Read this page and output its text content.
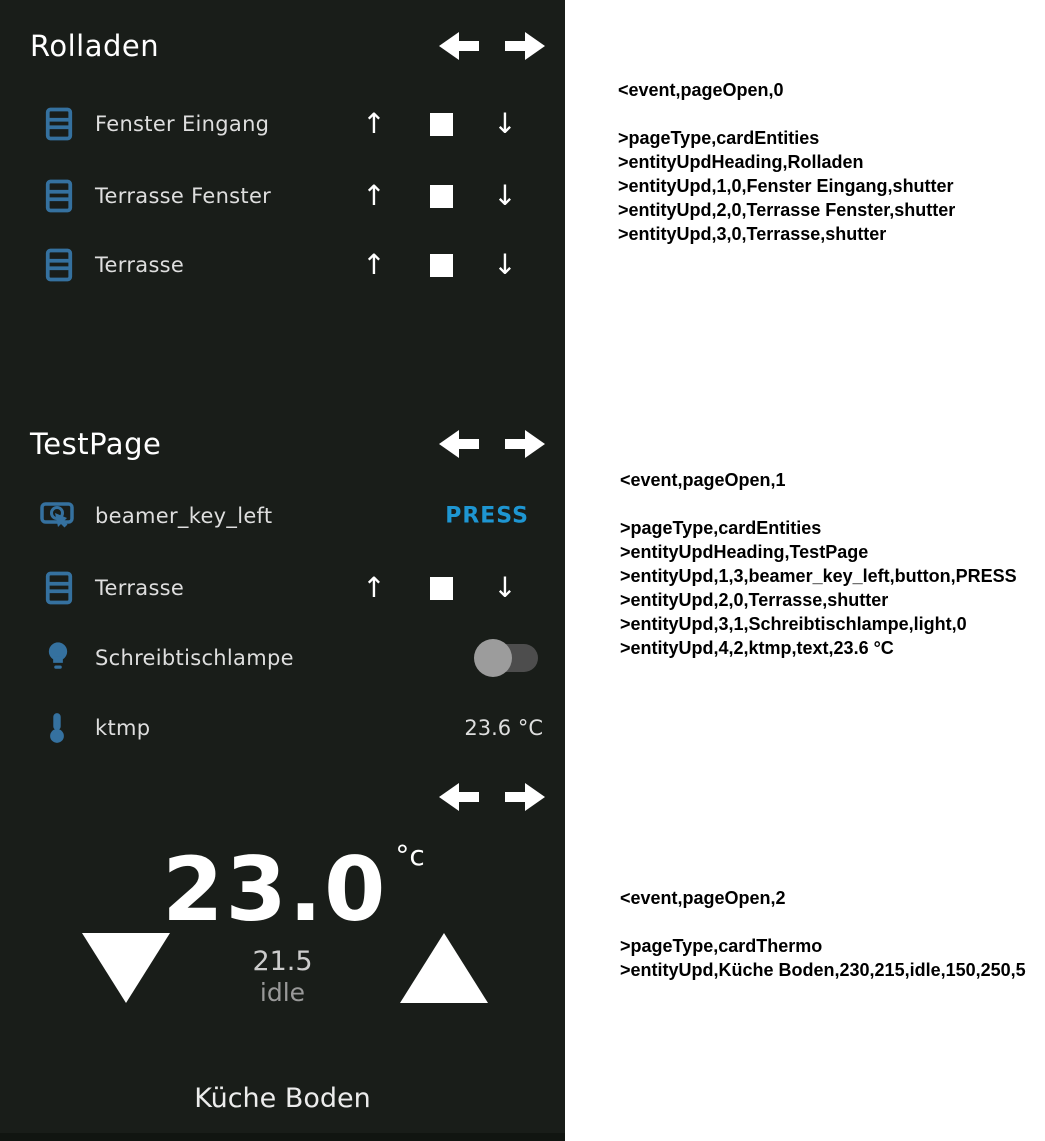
Rolladen
Fenster Eingang	↑	↓
Terrasse Fenster	↑	↓
Terrasse	↑	↓
TestPage
beamer_key_left	PRESS
Terrasse	↑	↓
Schreibtischlampe
ktmp	23.6 °C
23.0 °c
21.5
idle
Küche Boden
<event,pageOpen,0
>pageType,cardEntities
>entityUpdHeading,Rolladen
>entityUpd,1,0,Fenster Eingang,shutter
>entityUpd,2,0,Terrasse Fenster,shutter
>entityUpd,3,0,Terrasse,shutter
<event,pageOpen,1
>pageType,cardEntities
>entityUpdHeading,TestPage
>entityUpd,1,3,beamer_key_left,button,PRESS
>entityUpd,2,0,Terrasse,shutter
>entityUpd,3,1,Schreibtischlampe,light,0
>entityUpd,4,2,ktmp,text,23.6 °C
<event,pageOpen,2
>pageType,cardThermo
>entityUpd,Küche Boden,230,215,idle,150,250,5
